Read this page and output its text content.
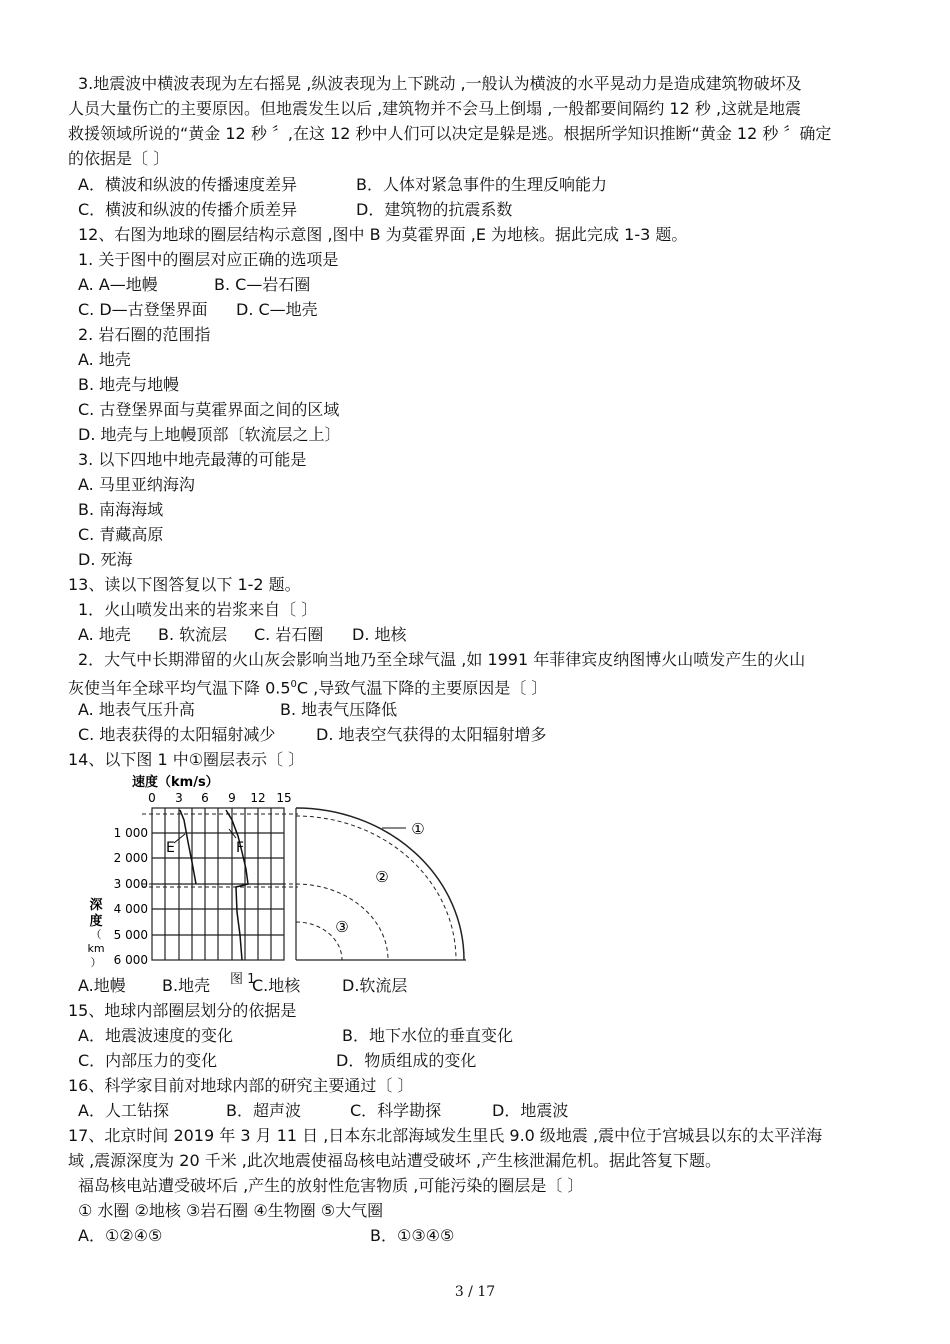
3.地震波中横波表现为左右摇晃 ,纵波表现为上下跳动 ,一般认为横波的水平晃动力是造成建筑物破坏及
人员大量伤亡的主要原因。但地震发生以后 ,建筑物并不会马上倒塌 ,一般都要间隔约 12 秒 ,这就是地震
救援领域所说的“黄金 12 秒 〞,在这 12 秒中人们可以决定是躲是逃。根据所学知识推断“黄金 12 秒 〞确定
的依据是〔 〕
A．横波和纵波的传播速度差异	B．人体对紧急事件的生理反响能力
C．横波和纵波的传播介质差异	D．建筑物的抗震系数
12、右图为地球的圈层结构示意图 ,图中 B 为莫霍界面 ,E 为地核。据此完成 1-3 题。
1. 关于图中的圈层对应正确的选项是
A. A—地幔	B. C—岩石圈
C. D—古登堡界面 D. C—地壳
2. 岩石圈的范围指
A. 地壳
B. 地壳与地幔
C. 古登堡界面与莫霍界面之间的区域
D. 地壳与上地幔顶部〔软流层之上〕
3. 以下四地中地壳最薄的可能是
A. 马里亚纳海沟
B. 南海海域
C. 青藏高原
D. 死海
13、读以下图答复以下 1-2 题。
1．火山喷发出来的岩浆来自〔 〕
A. 地壳 B. 软流层 C. 岩石圈 D. 地核
2．大气中长期滞留的火山灰会影响当地乃至全球气温 ,如 1991 年菲律宾皮纳图博火山喷发产生的火山
灰使当年全球平均气温下降 $0.5^0C$ ,导致气温下降的主要原因是〔 〕
A. 地表气压升高	B. 地表气压降低
C. 地表获得的太阳辐射减少	D. 地表空气获得的太阳辐射增多
14、以下图 1 中①圈层表示〔 〕
速度（km/s）
0 3 6 9 12 15
1 000
2 000
3 000
4 000
5 000
6 000
深
度
（
km
）
E	F
①
②
③
A.地幔 B.地壳 图 1
C.地核	D.软流层
15、地球内部圈层划分的依据是
A．地震波速度的变化	B．地下水位的垂直变化
C．内部压力的变化	D．物质组成的变化
16、科学家目前对地球内部的研究主要通过〔 〕
A．人工钻探	B．超声波	C．科学勘探	D．地震波
17、北京时间 2019 年 3 月 11 日 ,日本东北部海域发生里氏 9.0 级地震 ,震中位于宫城县以东的太平洋海
域 ,震源深度为 20 千米 ,此次地震使福岛核电站遭受破坏 ,产生核泄漏危机。据此答复下题。
福岛核电站遭受破坏后 ,产生的放射性危害物质 ,可能污染的圈层是〔 〕
① 水圈 ②地核 ③岩石圈 ④生物圈 ⑤大气圈
A．①②④⑤	B．①③④⑤
3 / 17
